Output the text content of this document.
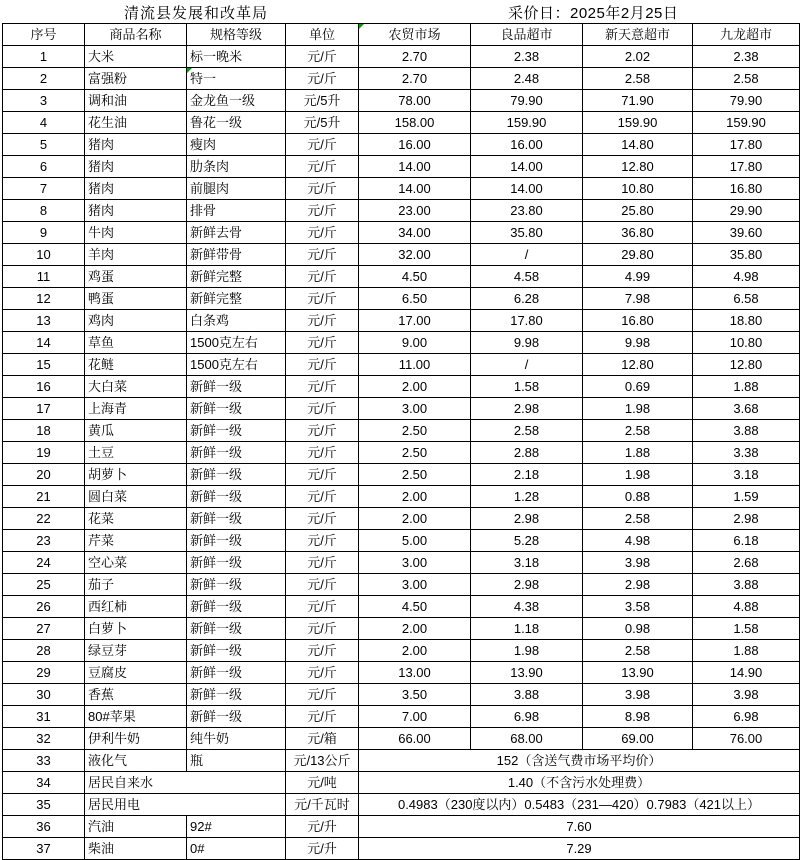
清流县发展和改革局	采价日：2025年2月25日
序号	商品名称	规格等级	单位	农贸市场	良品超市	新天意超市	九龙超市
1	大米	标一晚米	元/斤	2.70	2.38	2.02	2.38
2	富强粉	特一	元/斤	2.70	2.48	2.58	2.58
3	调和油	金龙鱼一级	元/5升	78.00	79.90	71.90	79.90
4	花生油	鲁花一级	元/5升	158.00	159.90	159.90	159.90
5	猪肉	瘦肉	元/斤	16.00	16.00	14.80	17.80
6	猪肉	肋条肉	元/斤	14.00	14.00	12.80	17.80
7	猪肉	前腿肉	元/斤	14.00	14.00	10.80	16.80
8	猪肉	排骨	元/斤	23.00	23.80	25.80	29.90
9	牛肉	新鲜去骨	元/斤	34.00	35.80	36.80	39.60
10	羊肉	新鲜带骨	元/斤	32.00	/	29.80	35.80
11	鸡蛋	新鲜完整	元/斤	4.50	4.58	4.99	4.98
12	鸭蛋	新鲜完整	元/斤	6.50	6.28	7.98	6.58
13	鸡肉	白条鸡	元/斤	17.00	17.80	16.80	18.80
14	草鱼	1500克左右	元/斤	9.00	9.98	9.98	10.80
15	花鲢	1500克左右	元/斤	11.00	/	12.80	12.80
16	大白菜	新鲜一级	元/斤	2.00	1.58	0.69	1.88
17	上海青	新鲜一级	元/斤	3.00	2.98	1.98	3.68
18	黄瓜	新鲜一级	元/斤	2.50	2.58	2.58	3.88
19	土豆	新鲜一级	元/斤	2.50	2.88	1.88	3.38
20	胡萝卜	新鲜一级	元/斤	2.50	2.18	1.98	3.18
21	圆白菜	新鲜一级	元/斤	2.00	1.28	0.88	1.59
22	花菜	新鲜一级	元/斤	2.00	2.98	2.58	2.98
23	芹菜	新鲜一级	元/斤	5.00	5.28	4.98	6.18
24	空心菜	新鲜一级	元/斤	3.00	3.18	3.98	2.68
25	茄子	新鲜一级	元/斤	3.00	2.98	2.98	3.88
26	西红柿	新鲜一级	元/斤	4.50	4.38	3.58	4.88
27	白萝卜	新鲜一级	元/斤	2.00	1.18	0.98	1.58
28	绿豆芽	新鲜一级	元/斤	2.00	1.98	2.58	1.88
29	豆腐皮	新鲜一级	元/斤	13.00	13.90	13.90	14.90
30	香蕉	新鲜一级	元/斤	3.50	3.88	3.98	3.98
31	80#苹果	新鲜一级	元/斤	7.00	6.98	8.98	6.98
32	伊利牛奶	纯牛奶	元/箱	66.00	68.00	69.00	76.00
33	液化气	瓶	元/13公斤	152（含送气费市场平均价）			
34	居民自来水		元/吨	1.40（不含污水处理费）			
35	居民用电		元/千瓦时	0.4983（230度以内）0.5483（231—420）0.7983（421以上）			
36	汽油	92#	元/升	7.60			
37	柴油	0#	元/升	7.29			
